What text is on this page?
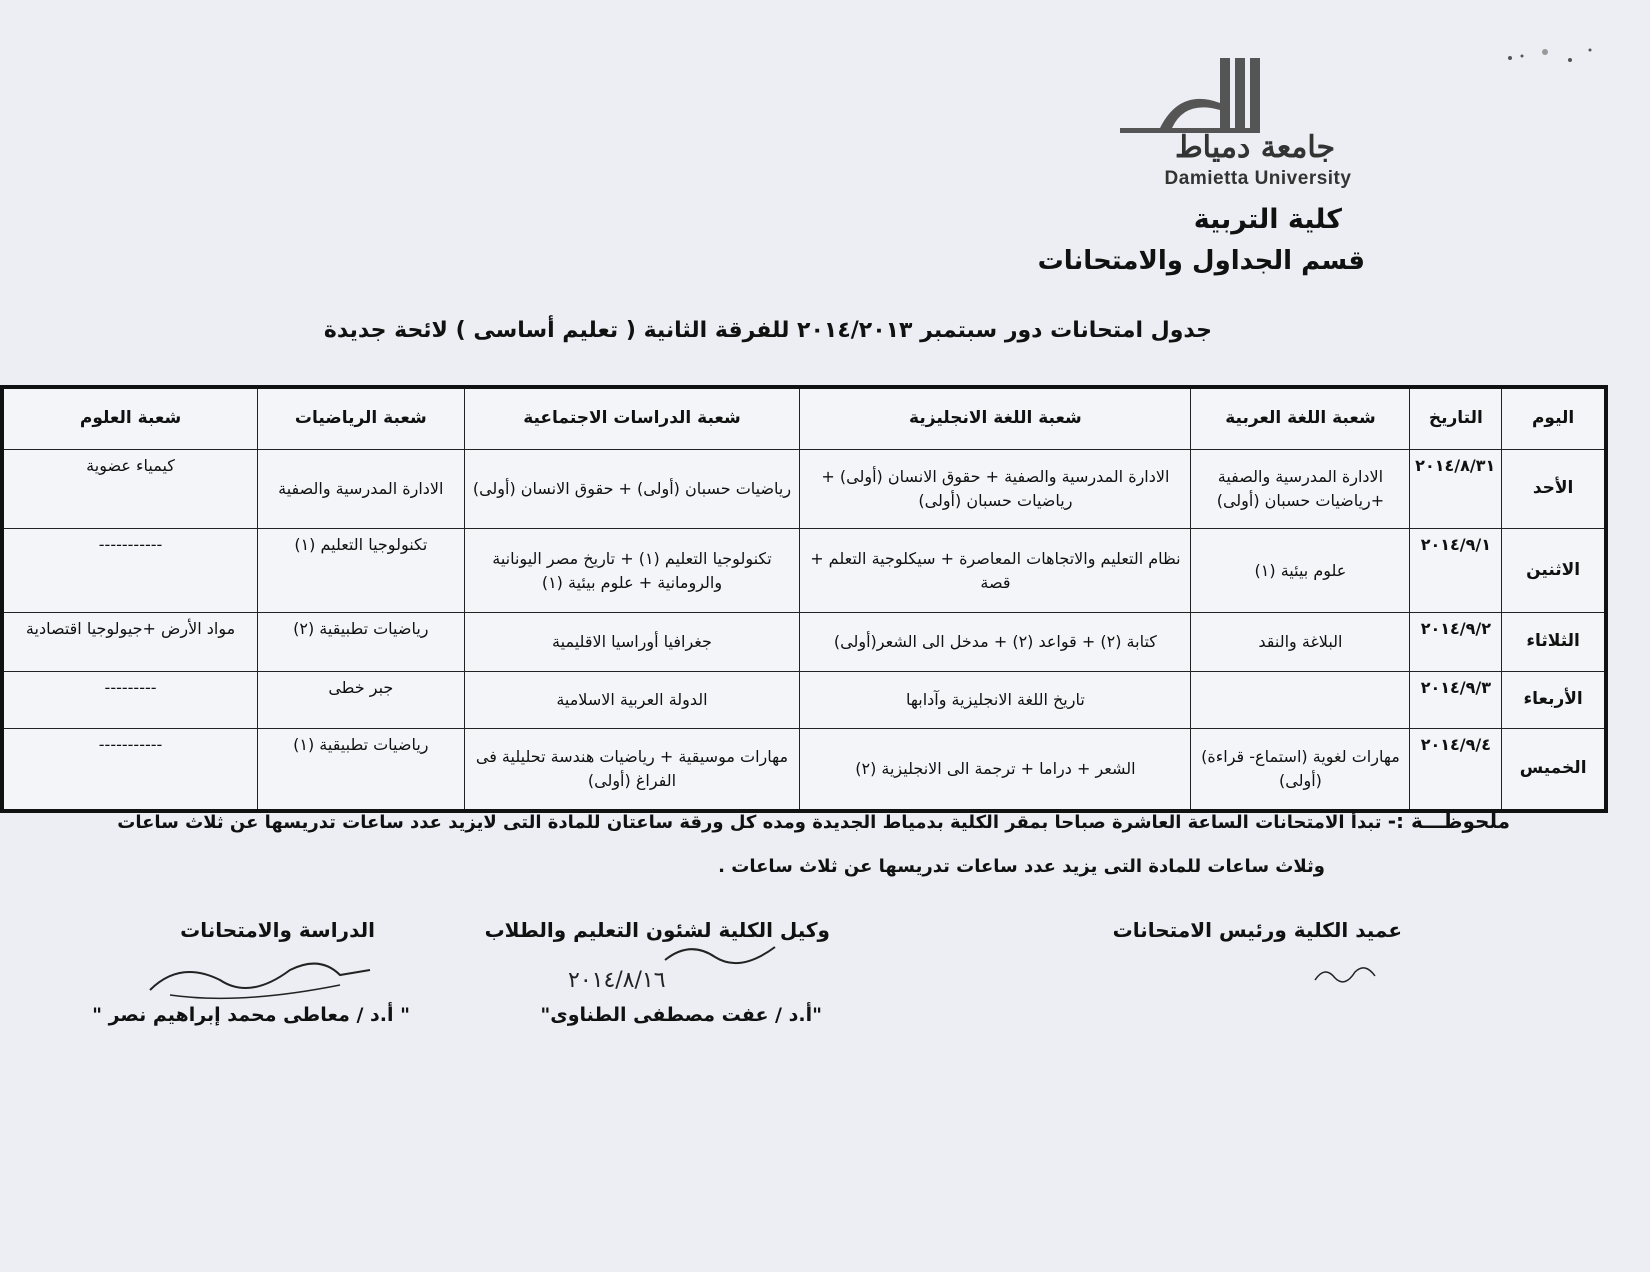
جامعة دمياط
Damietta University
كلية التربية
قسم الجداول والامتحانات
جدول امتحانات دور سبتمبر ٢٠١٤/٢٠١٣ للفرقة الثانية ( تعليم أساسى ) لائحة جديدة
اليوم	التاريخ	شعبة اللغة العربية	شعبة اللغة الانجليزية	شعبة الدراسات الاجتماعية	شعبة الرياضيات	شعبة العلوم
الأحد	٢٠١٤/٨/٣١	الادارة المدرسية والصفية +رياضيات حسبان (أولى)	الادارة المدرسية والصفية + حقوق الانسان (أولى) + رياضيات حسبان (أولى)	رياضيات حسبان (أولى) + حقوق الانسان (أولى)	الادارة المدرسية والصفية	كيمياء عضوية
الاثنين	٢٠١٤/٩/١	علوم بيئية (١)	نظام التعليم والاتجاهات المعاصرة + سيكلوجية التعلم + قصة	تكنولوجيا التعليم (١) + تاريخ مصر اليونانية والرومانية + علوم بيئية (١)	تكنولوجيا التعليم (١)	-----------
الثلاثاء	٢٠١٤/٩/٢	البلاغة والنقد	كتابة (٢) + قواعد (٢) + مدخل الى الشعر(أولى)	جغرافيا أوراسيا الاقليمية	رياضيات تطبيقية (٢)	مواد الأرض +جيولوجيا اقتصادية
الأربعاء	٢٠١٤/٩/٣		تاريخ اللغة الانجليزية وآدابها	الدولة العربية الاسلامية	جبر خطى	---------
الخميس	٢٠١٤/٩/٤	مهارات لغوية (استماع- قراءة) (أولى)	الشعر + دراما + ترجمة الى الانجليزية (٢)	مهارات موسيقية + رياضيات هندسة تحليلية فى الفراغ (أولى)	رياضيات تطبيقية (١)	-----------
ملحوظـــة :- تبدأ الامتحانات الساعة العاشرة صباحا بمقر الكلية بدمياط الجديدة ومده كل ورقة ساعتان للمادة التى لايزيد عدد ساعات تدريسها عن ثلاث ساعات
وثلاث ساعات للمادة التى يزيد عدد ساعات تدريسها عن ثلاث ساعات .
الدراسة والامتحانات	وكيل الكلية لشئون التعليم والطلاب	عميد الكلية ورئيس الامتحانات
"أ.د / عفت مصطفى الطناوى"
" أ.د / معاطى محمد إبراهيم نصر "
٢٠١٤/٨/١٦
